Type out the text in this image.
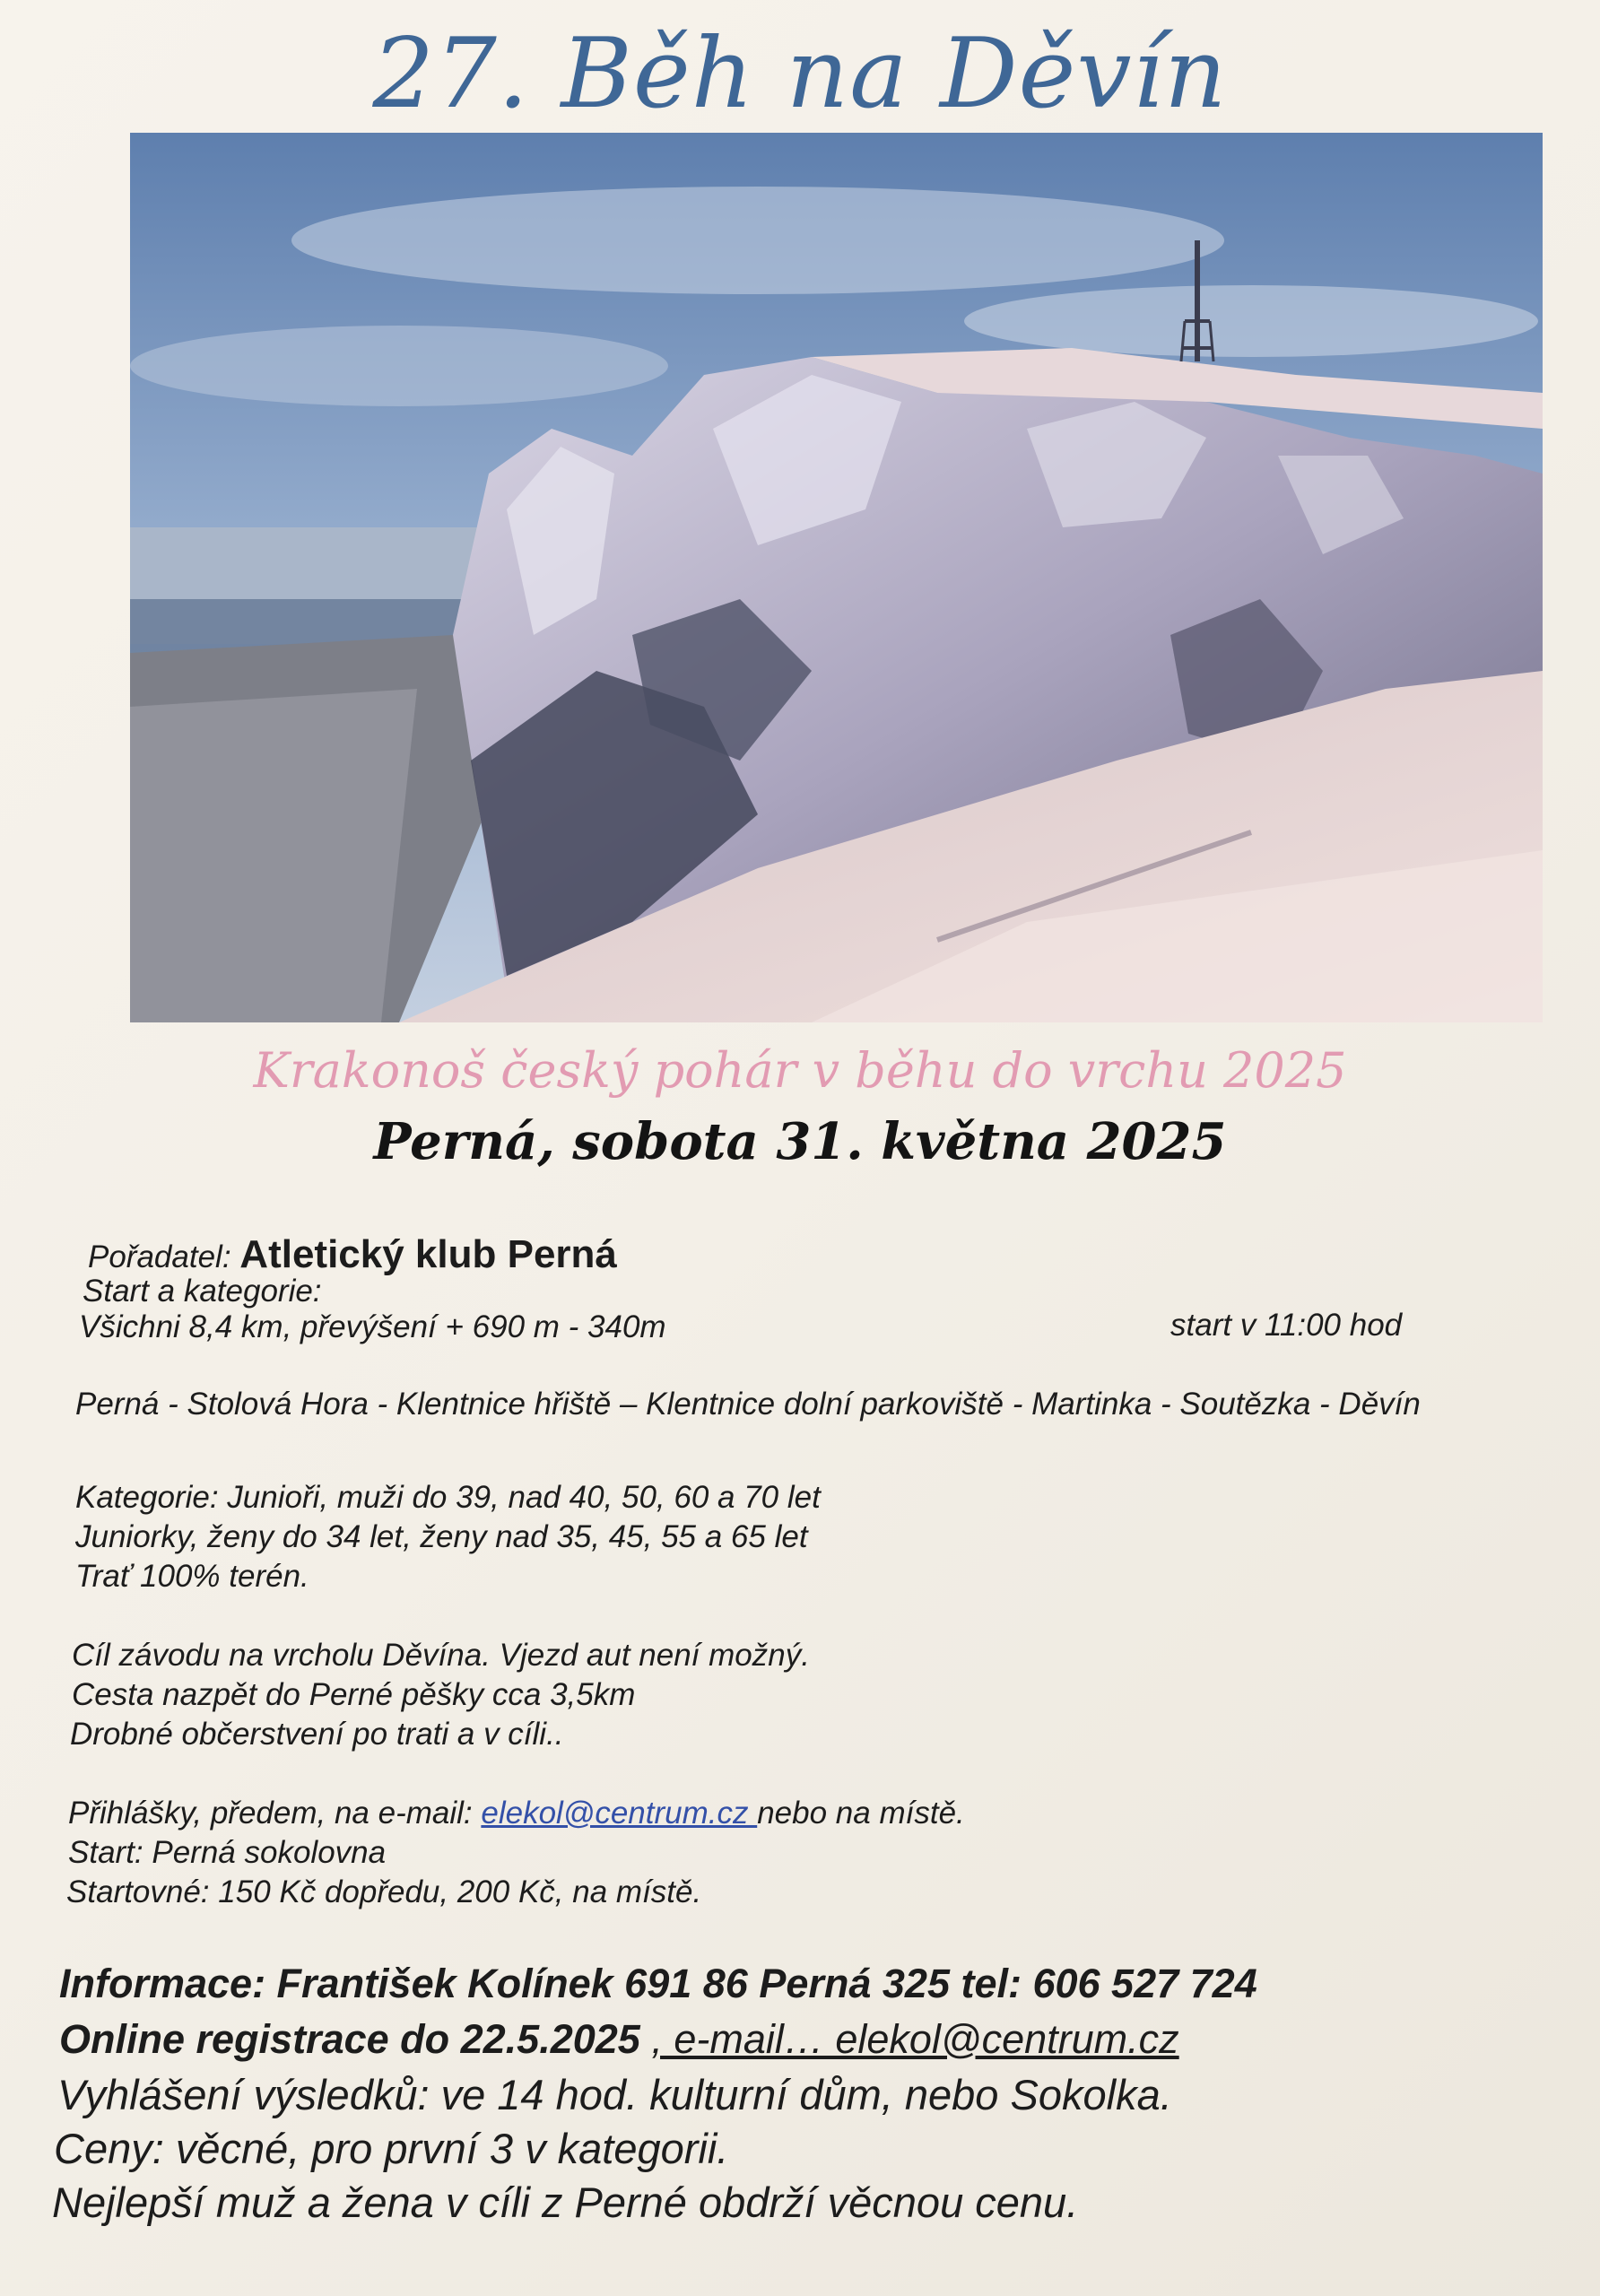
27. Běh na Děvín
Krakonoš český pohár v běhu do vrchu 2025
Perná, sobota 31. května 2025
Pořadatel: Atletický klub Perná
Start a kategorie:
Všichni 8,4 km, převýšení + 690 m - 340m	start v 11:00 hod
Perná - Stolová Hora - Klentnice hřiště – Klentnice dolní parkoviště - Martinka - Soutězka - Děvín
Kategorie: Junioři, muži do 39, nad 40, 50, 60 a 70 let
Juniorky, ženy do 34 let, ženy nad 35, 45, 55 a 65 let
Trať 100% terén.
Cíl závodu na vrcholu Děvína. Vjezd aut není možný.
Cesta nazpět do Perné pěšky cca 3,5km
Drobné občerstvení po trati a v cíli..
Přihlášky, předem, na e-mail: elekol@centrum.cz nebo na místě.
Start: Perná sokolovna
Startovné: 150 Kč dopředu, 200 Kč, na místě.
Informace: František Kolínek 691 86 Perná 325 tel: 606 527 724
Online registrace do 22.5.2025 , e-mail… elekol@centrum.cz
Vyhlášení výsledků: ve 14 hod. kulturní dům, nebo Sokolka.
Ceny: věcné, pro první 3 v kategorii.
Nejlepší muž a žena v cíli z Perné obdrží věcnou cenu.
